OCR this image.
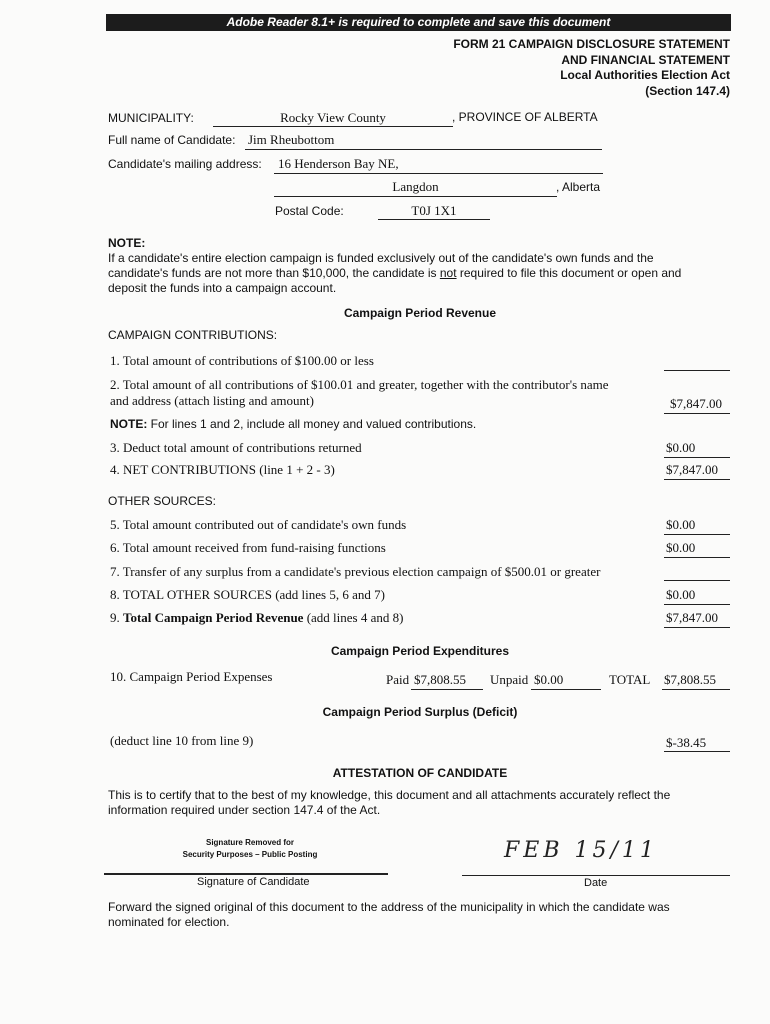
Adobe Reader 8.1+ is required to complete and save this document
FORM 21 CAMPAIGN DISCLOSURE STATEMENT
AND FINANCIAL STATEMENT
Local Authorities Election Act
(Section 147.4)
MUNICIPALITY:	Rocky View County	, PROVINCE OF ALBERTA
Full name of Candidate: Jim Rheubottom
Candidate's mailing address: 16 Henderson Bay NE,
Langdon	, Alberta
Postal Code:	T0J 1X1
NOTE:
If a candidate's entire election campaign is funded exclusively out of the candidate's own funds and the
candidate's funds are not more than $10,000, the candidate is not required to file this document or open and
deposit the funds into a campaign account.
Campaign Period Revenue
CAMPAIGN CONTRIBUTIONS:
1. Total amount of contributions of $100.00 or less
2. Total amount of all contributions of $100.01 and greater, together with the contributor's name
and address (attach listing and amount)	$7,847.00
NOTE: For lines 1 and 2, include all money and valued contributions.
3. Deduct total amount of contributions returned	$0.00
4. NET CONTRIBUTIONS (line 1 + 2 - 3)	$7,847.00
OTHER SOURCES:
5. Total amount contributed out of candidate's own funds	$0.00
6. Total amount received from fund-raising functions	$0.00
7. Transfer of any surplus from a candidate's previous election campaign of $500.01 or greater
8. TOTAL OTHER SOURCES (add lines 5, 6 and 7)	$0.00
9. Total Campaign Period Revenue (add lines 4 and 8)	$7,847.00
Campaign Period Expenditures
10. Campaign Period Expenses	Paid $7,808.55 Unpaid $0.00	TOTAL $7,808.55
Campaign Period Surplus (Deficit)
(deduct line 10 from line 9)	$-38.45
ATTESTATION OF CANDIDATE
This is to certify that to the best of my knowledge, this document and all attachments accurately reflect the
information required under section 147.4 of the Act.
Signature Removed for
Security Purposes – Public Posting
Signature of Candidate
FEB 15/11
Date
Forward the signed original of this document to the address of the municipality in which the candidate was
nominated for election.
